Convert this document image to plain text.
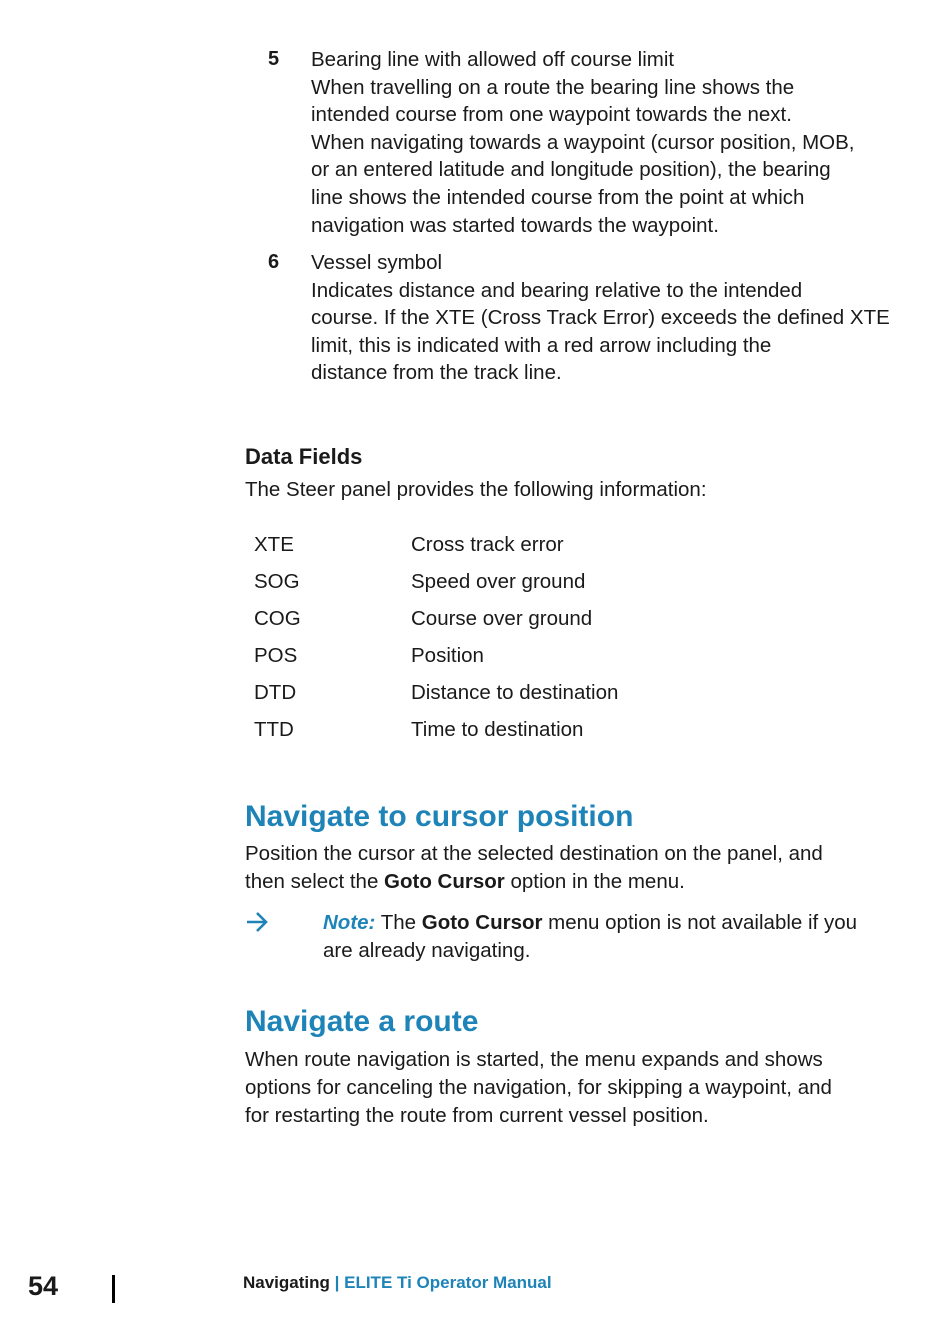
5 Bearing line with allowed off course limit
When travelling on a route the bearing line shows the
intended course from one waypoint towards the next.
When navigating towards a waypoint (cursor position, MOB,
or an entered latitude and longitude position), the bearing
line shows the intended course from the point at which
navigation was started towards the waypoint.
6 Vessel symbol
Indicates distance and bearing relative to the intended
course. If the XTE (Cross Track Error) exceeds the defined XTE
limit, this is indicated with a red arrow including the
distance from the track line.
Data Fields
The Steer panel provides the following information:
XTE	Cross track error
SOG	Speed over ground
COG	Course over ground
POS	Position
DTD	Distance to destination
TTD	Time to destination
Navigate to cursor position
Position the cursor at the selected destination on the panel, and
then select the Goto Cursor option in the menu.
Note: The Goto Cursor menu option is not available if you
are already navigating.
Navigate a route
When route navigation is started, the menu expands and shows
options for canceling the navigation, for skipping a waypoint, and
for restarting the route from current vessel position.
54	Navigating | ELITE Ti Operator Manual
